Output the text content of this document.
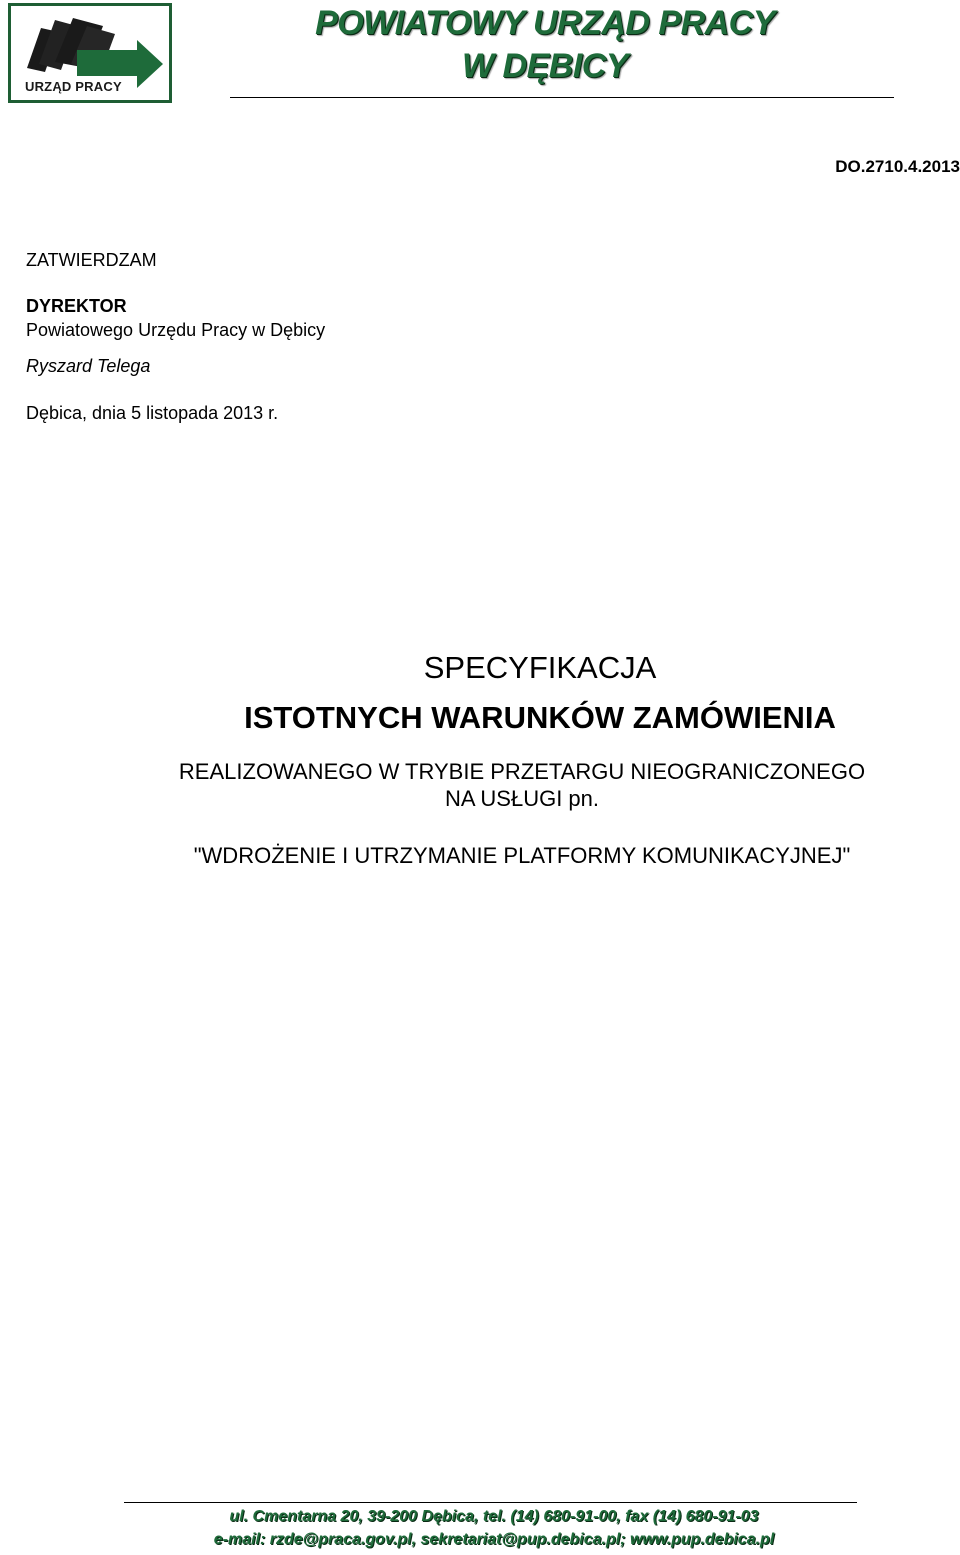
URZĄD PRACY
POWIATOWY URZĄD PRACY
W DĘBICY
DO.2710.4.2013
ZATWIERDZAM
DYREKTOR
Powiatowego Urzędu Pracy w Dębicy
Ryszard Telega
Dębica, dnia 5 listopada 2013 r.
SPECYFIKACJA
ISTOTNYCH WARUNKÓW ZAMÓWIENIA
REALIZOWANEGO W TRYBIE PRZETARGU NIEOGRANICZONEGO
NA USŁUGI pn.
"WDROŻENIE I UTRZYMANIE PLATFORMY KOMUNIKACYJNEJ"
ul. Cmentarna 20, 39-200 Dębica, tel. (14) 680-91-00, fax (14) 680-91-03
e-mail: rzde@praca.gov.pl, sekretariat@pup.debica.pl; www.pup.debica.pl
